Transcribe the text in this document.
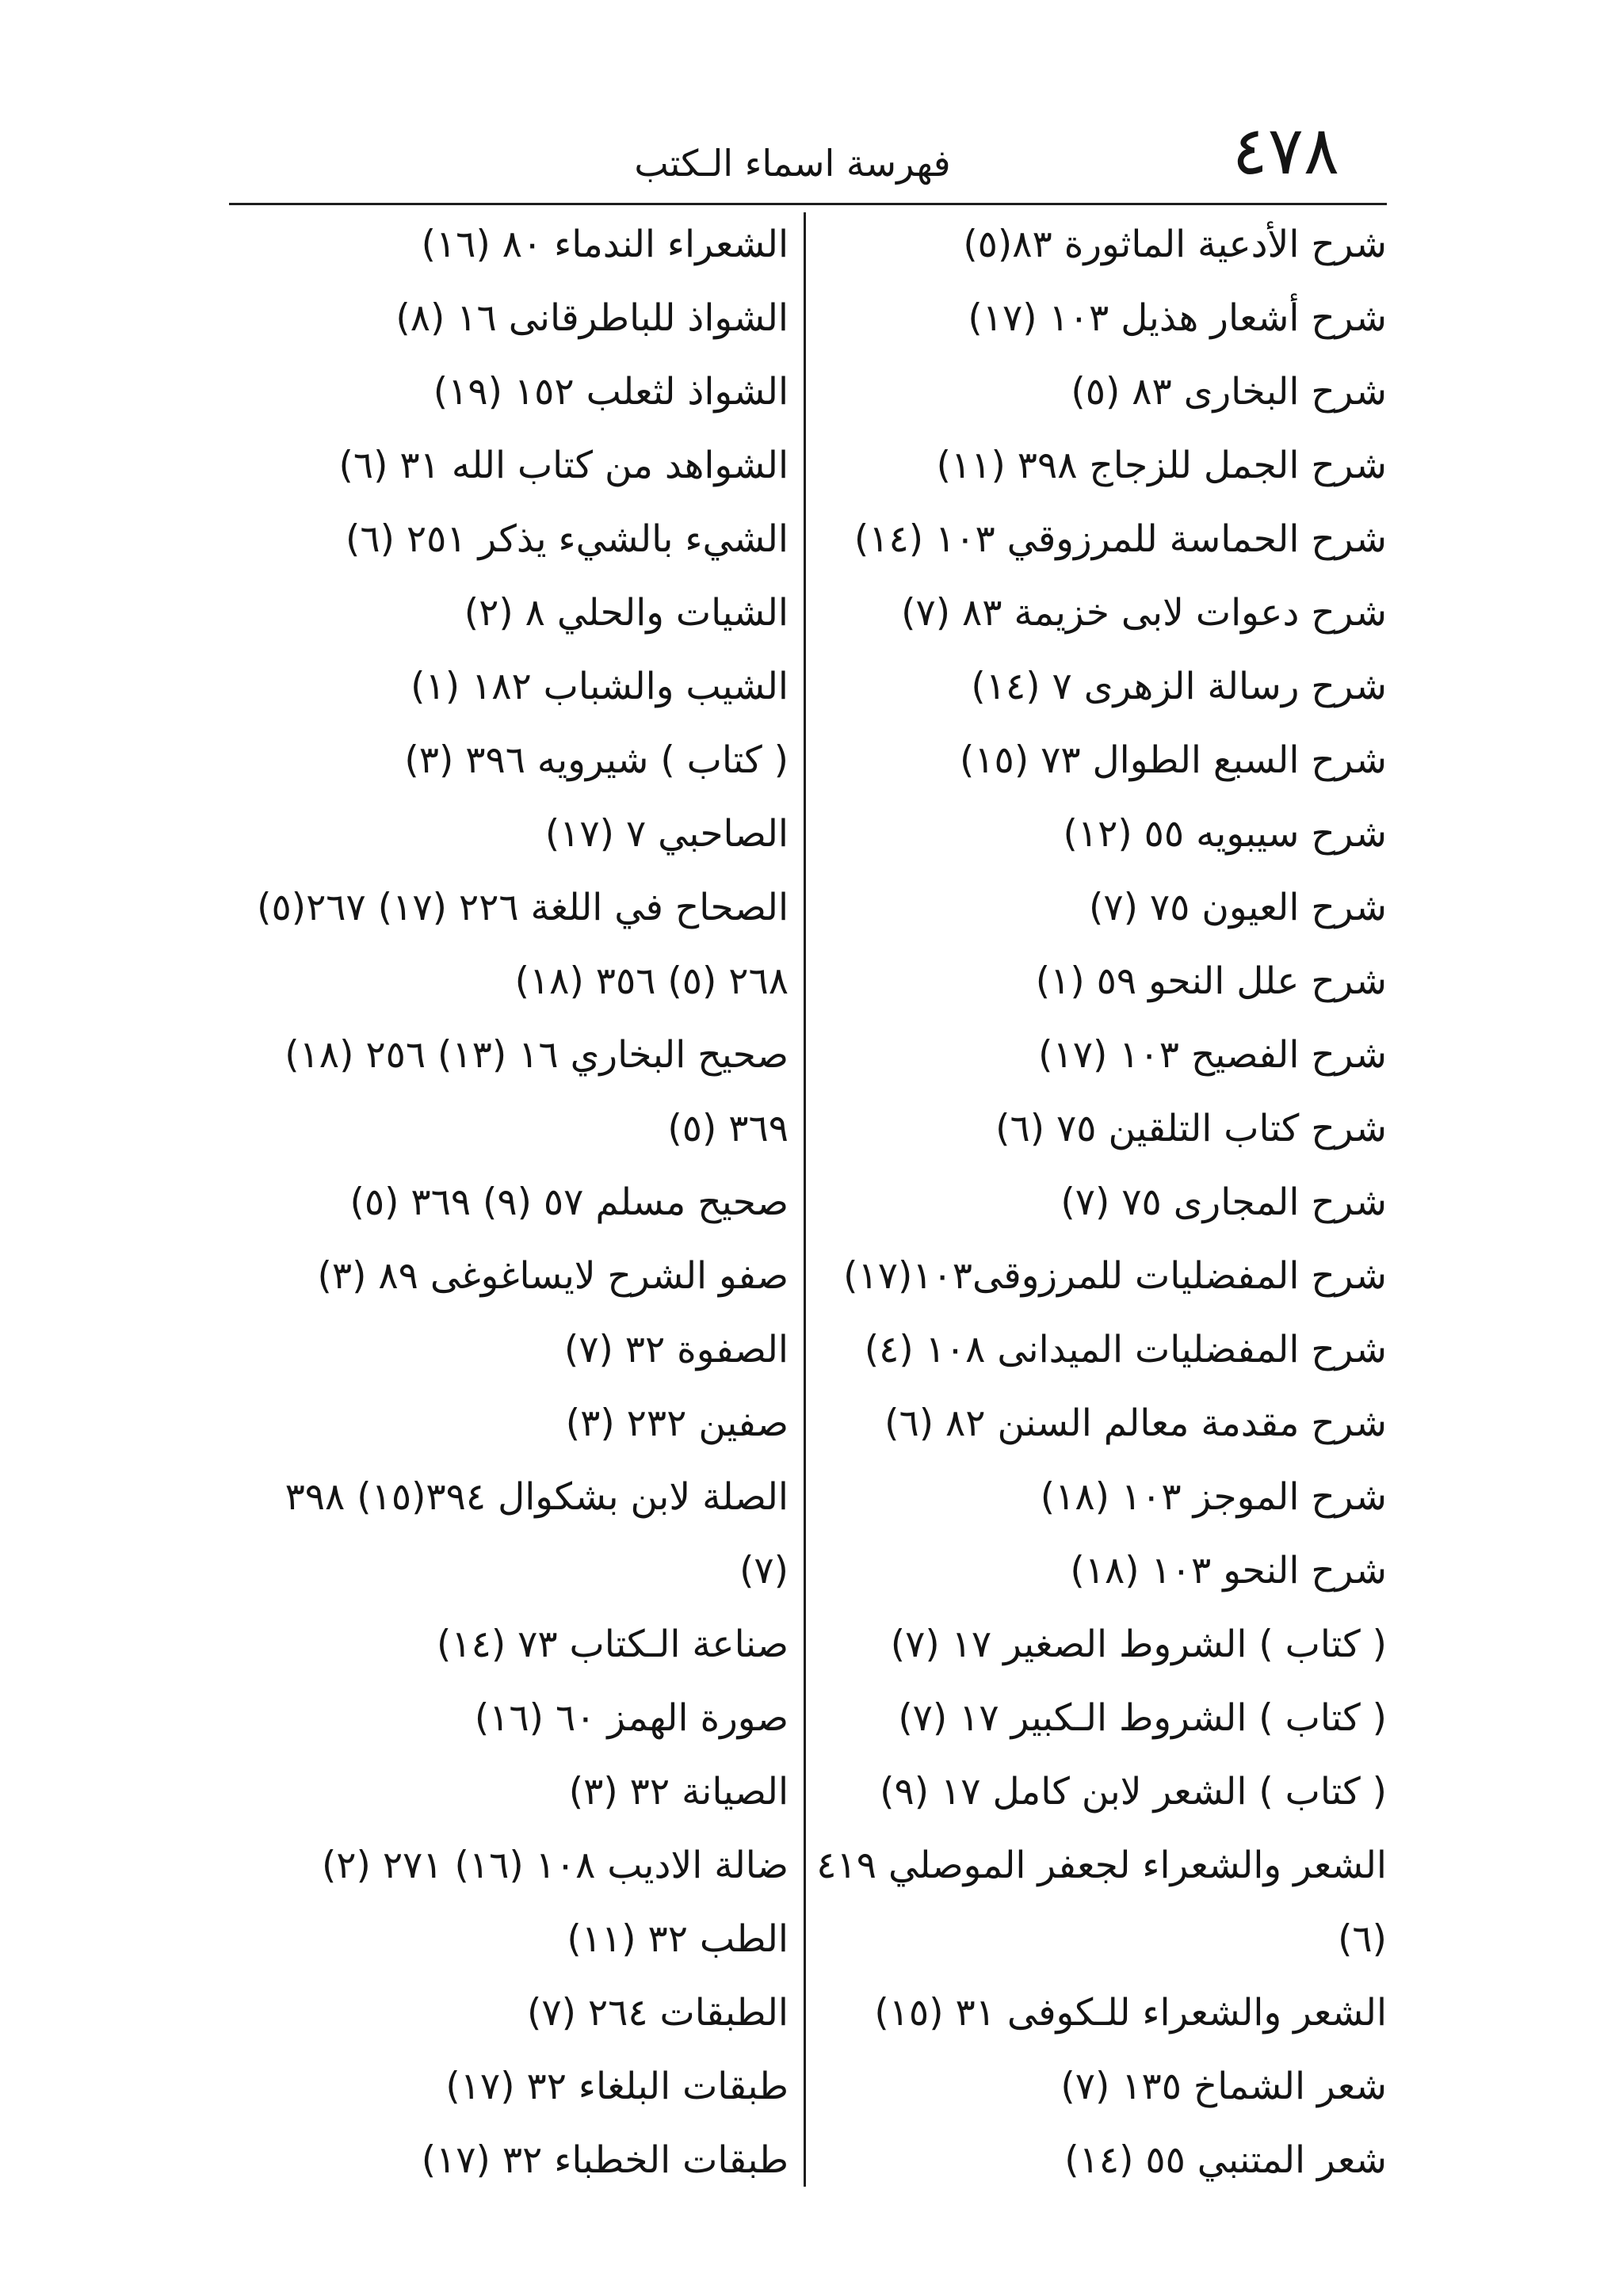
٤٧٨
فهرسة اسماء الـكتب
شرح الأدعية الماثورة ٨٣(٥)
شرح أشعار هذيل ١٠٣ (١٧)
شرح البخارى ٨٣ (٥)
شرح الجمل للزجاج ٣٩٨ (١١)
شرح الحماسة للمرزوقي ١٠٣ (١٤)
شرح دعوات لابى خزيمة ٨٣ (٧)
شرح رسالة الزهرى ٧ (١٤)
شرح السبع الطوال ٧٣ (١٥)
شرح سيبويه ٥٥ (١٢)
شرح العيون ٧٥ (٧)
شرح علل النحو ٥٩ (١)
شرح الفصيح ١٠٣ (١٧)
شرح كتاب التلقين ٧٥ (٦)
شرح المجارى ٧٥ (٧)
شرح المفضليات للمرزوقى١٠٣(١٧)
شرح المفضليات الميدانى ١٠٨ (٤)
شرح مقدمة معالم السنن ٨٢ (٦)
شرح الموجز ١٠٣ (١٨)
شرح النحو ١٠٣ (١٨)
( كتاب ) الشروط الصغير ١٧ (٧)
( كتاب ) الشروط الـكبير ١٧ (٧)
( كتاب ) الشعر لابن كامل ١٧ (٩)
الشعر والشعراء لجعفر الموصلي ٤١٩
(٦)
الشعر والشعراء للـكوفى ٣١ (١٥)
شعر الشماخ ١٣٥ (٧)
شعر المتنبي ٥٥ (١٤)
الشعراء الندماء ٨٠ (١٦)
الشواذ للباطرقانى ١٦ (٨)
الشواذ لثعلب ١٥٢ (١٩)
الشواهد من كتاب الله ٣١ (٦)
الشيء بالشيء يذكر ٢٥١ (٦)
الشيات والحلي ٨ (٢)
الشيب والشباب ١٨٢ (١)
( كتاب ) شيرويه ٣٩٦ (٣)
الصاحبي ٧ (١٧)
الصحاح في اللغة ٢٢٦ (١٧) ٢٦٧(٥)
٢٦٨ (٥) ٣٥٦ (١٨)
صحيح البخاري ١٦ (١٣) ٢٥٦ (١٨)
٣٦٩ (٥)
صحيح مسلم ٥٧ (٩) ٣٦٩ (٥)
صفو الشرح لايساغوغى ٨٩ (٣)
الصفوة ٣٢ (٧)
صفين ٢٣٢ (٣)
الصلة لابن بشكوال ٣٩٤(١٥) ٣٩٨
(٧)
صناعة الـكتاب ٧٣ (١٤)
صورة الهمز ٦٠ (١٦)
الصيانة ٣٢ (٣)
ضالة الاديب ١٠٨ (١٦) ٢٧١ (٢)
الطب ٣٢ (١١)
الطبقات ٢٦٤ (٧)
طبقات البلغاء ٣٢ (١٧)
طبقات الخطباء ٣٢ (١٧)
